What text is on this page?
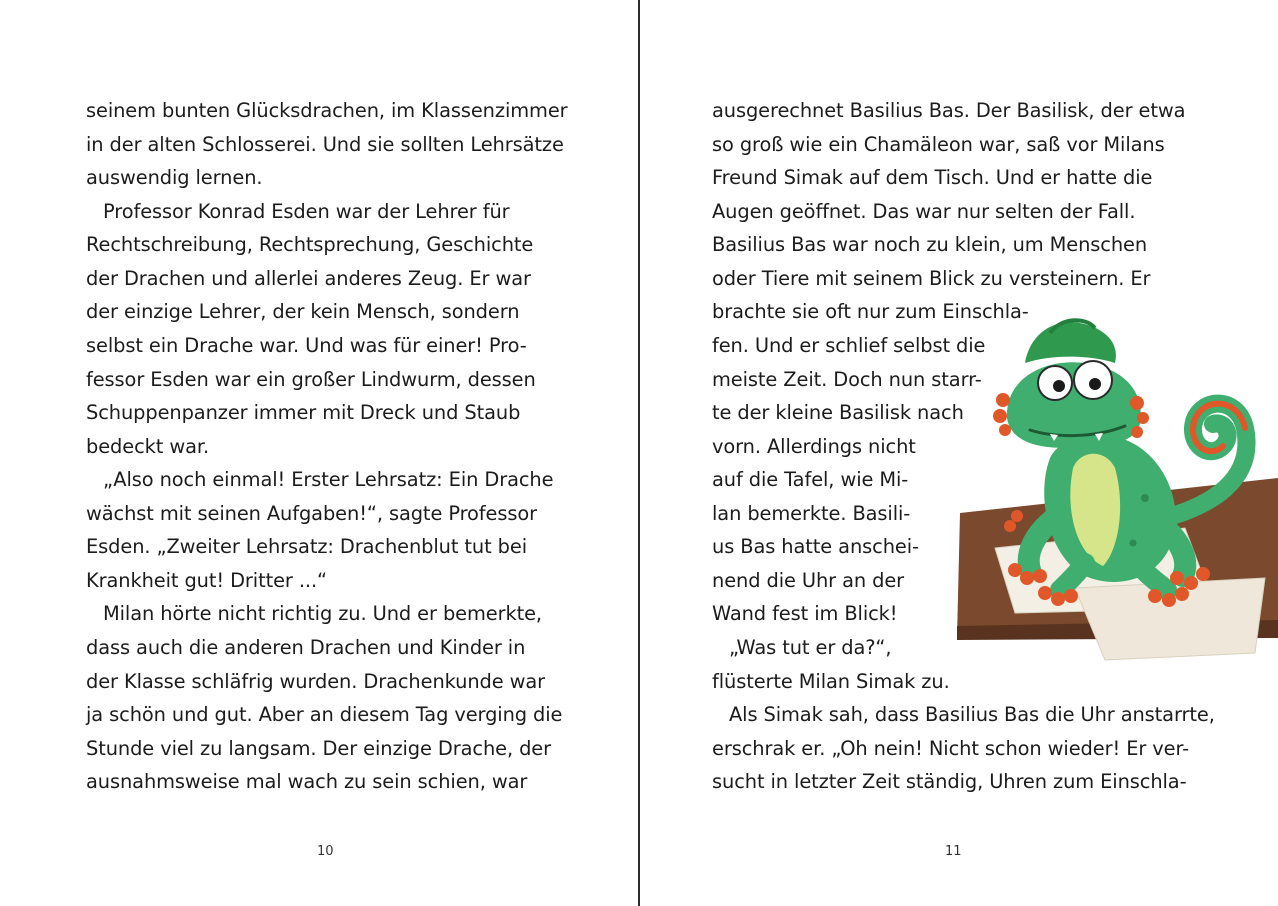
seinem bunten Glücksdrachen, im Klassenzimmer
in der alten Schlosserei. Und sie sollten Lehrsätze
auswendig lernen.
Professor Konrad Esden war der Lehrer für
Rechtschreibung, Rechtsprechung, Geschichte
der Drachen und allerlei anderes Zeug. Er war
der einzige Lehrer, der kein Mensch, sondern
selbst ein Drache war. Und was für einer! Pro-
fessor Esden war ein großer Lindwurm, dessen
Schuppenpanzer immer mit Dreck und Staub
bedeckt war.
„Also noch einmal! Erster Lehrsatz: Ein Drache
wächst mit seinen Aufgaben!“, sagte Professor
Esden. „Zweiter Lehrsatz: Drachenblut tut bei
Krankheit gut! Dritter ...“
Milan hörte nicht richtig zu. Und er bemerkte,
dass auch die anderen Drachen und Kinder in
der Klasse schläfrig wurden. Drachenkunde war
ja schön und gut. Aber an diesem Tag verging die
Stunde viel zu langsam. Der einzige Drache, der
ausnahmsweise mal wach zu sein schien, war
10
ausgerechnet Basilius Bas. Der Basilisk, der etwa
so groß wie ein Chamäleon war, saß vor Milans
Freund Simak auf dem Tisch. Und er hatte die
Augen geöffnet. Das war nur selten der Fall.
Basilius Bas war noch zu klein, um Menschen
oder Tiere mit seinem Blick zu versteinern. Er
brachte sie oft nur zum Einschla-
fen. Und er schlief selbst die
meiste Zeit. Doch nun starr-
te der kleine Basilisk nach
vorn. Allerdings nicht
auf die Tafel, wie Mi-
lan bemerkte. Basili-
us Bas hatte anschei-
nend die Uhr an der
Wand fest im Blick!
„Was tut er da?“,
flüsterte Milan Simak zu.
Als Simak sah, dass Basilius Bas die Uhr anstarrte,
erschrak er. „Oh nein! Nicht schon wieder! Er ver-
sucht in letzter Zeit ständig, Uhren zum Einschla-
11
